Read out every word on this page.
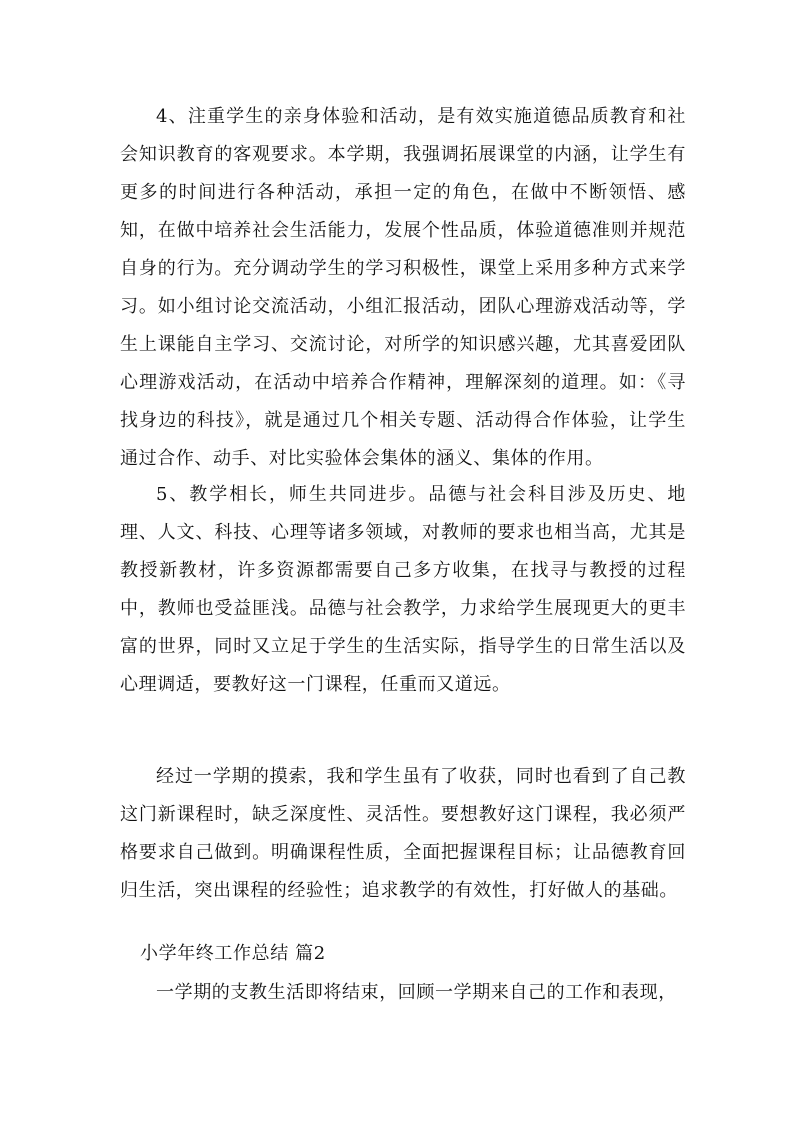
4、注重学生的亲身体验和活动，是有效实施道德品质教育和社会知识教育的客观要求。本学期，我强调拓展课堂的内涵，让学生有更多的时间进行各种活动，承担一定的角色，在做中不断领悟、感知，在做中培养社会生活能力，发展个性品质，体验道德准则并规范自身的行为。充分调动学生的学习积极性，课堂上采用多种方式来学习。如小组讨论交流活动，小组汇报活动，团队心理游戏活动等，学生上课能自主学习、交流讨论，对所学的知识感兴趣，尤其喜爱团队心理游戏活动，在活动中培养合作精神，理解深刻的道理。如：《寻找身边的科技》，就是通过几个相关专题、活动得合作体验，让学生通过合作、动手、对比实验体会集体的涵义、集体的作用。

5、教学相长，师生共同进步。品德与社会科目涉及历史、地理、人文、科技、心理等诸多领域，对教师的要求也相当高，尤其是教授新教材，许多资源都需要自己多方收集，在找寻与教授的过程中，教师也受益匪浅。品德与社会教学，力求给学生展现更大的更丰富的世界，同时又立足于学生的生活实际，指导学生的日常生活以及心理调适，要教好这一门课程，任重而又道远。

经过一学期的摸索，我和学生虽有了收获，同时也看到了自己教这门新课程时，缺乏深度性、灵活性。要想教好这门课程，我必须严格要求自己做到。明确课程性质，全面把握课程目标；让品德教育回归生活，突出课程的经验性；追求教学的有效性，打好做人的基础。

小学年终工作总结 篇2

一学期的支教生活即将结束，回顾一学期来自己的工作和表现，
